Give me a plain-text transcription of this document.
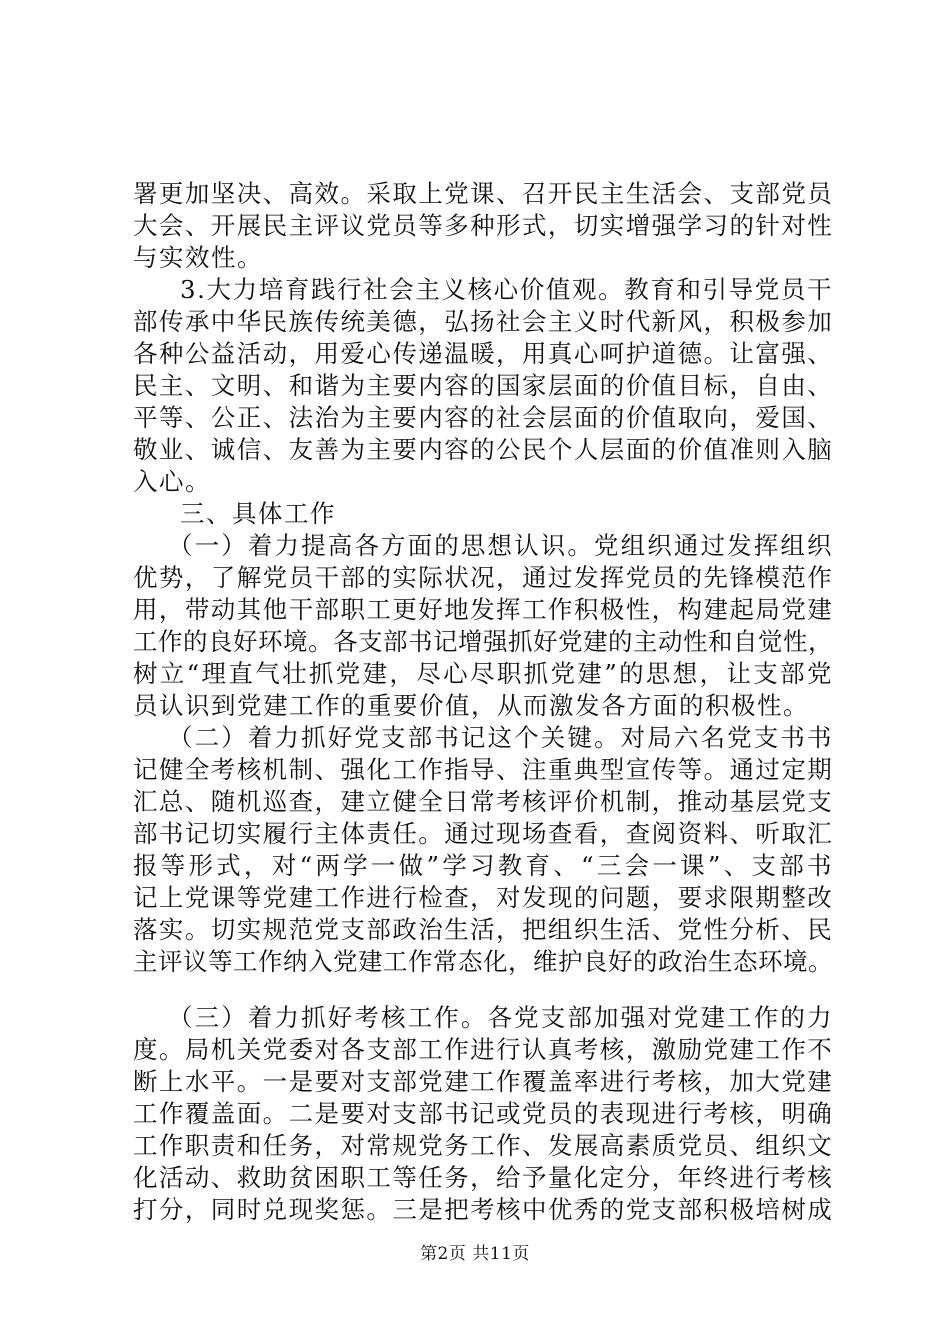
署更加坚决、高效。采取上党课、召开民主生活会、支部党员
大会、开展民主评议党员等多种形式，切实增强学习的针对性
与实效性。
3.大力培育践行社会主义核心价值观。教育和引导党员干
部传承中华民族传统美德，弘扬社会主义时代新风，积极参加
各种公益活动，用爱心传递温暖，用真心呵护道德。让富强、
民主、文明、和谐为主要内容的国家层面的价值目标，自由、
平等、公正、法治为主要内容的社会层面的价值取向，爱国、
敬业、诚信、友善为主要内容的公民个人层面的价值准则入脑
入心。
三、具体工作
（一）着力提高各方面的思想认识。党组织通过发挥组织
优势，了解党员干部的实际状况，通过发挥党员的先锋模范作
用，带动其他干部职工更好地发挥工作积极性，构建起局党建
工作的良好环境。各支部书记增强抓好党建的主动性和自觉性，
树立“理直气壮抓党建，尽心尽职抓党建”的思想，让支部党
员认识到党建工作的重要价值，从而激发各方面的积极性。
（二）着力抓好党支部书记这个关键。对局六名党支书书
记健全考核机制、强化工作指导、注重典型宣传等。通过定期
汇总、随机巡查，建立健全日常考核评价机制，推动基层党支
部书记切实履行主体责任。通过现场查看，查阅资料、听取汇
报等形式，对“两学一做”学习教育、“三会一课”、支部书
记上党课等党建工作进行检查，对发现的问题，要求限期整改
落实。切实规范党支部政治生活，把组织生活、党性分析、民
主评议等工作纳入党建工作常态化，维护良好的政治生态环境。
（三）着力抓好考核工作。各党支部加强对党建工作的力
度。局机关党委对各支部工作进行认真考核，激励党建工作不
断上水平。一是要对支部党建工作覆盖率进行考核，加大党建
工作覆盖面。二是要对支部书记或党员的表现进行考核，明确
工作职责和任务，对常规党务工作、发展高素质党员、组织文
化活动、救助贫困职工等任务，给予量化定分，年终进行考核
打分，同时兑现奖惩。三是把考核中优秀的党支部积极培树成
第2页 共11页
